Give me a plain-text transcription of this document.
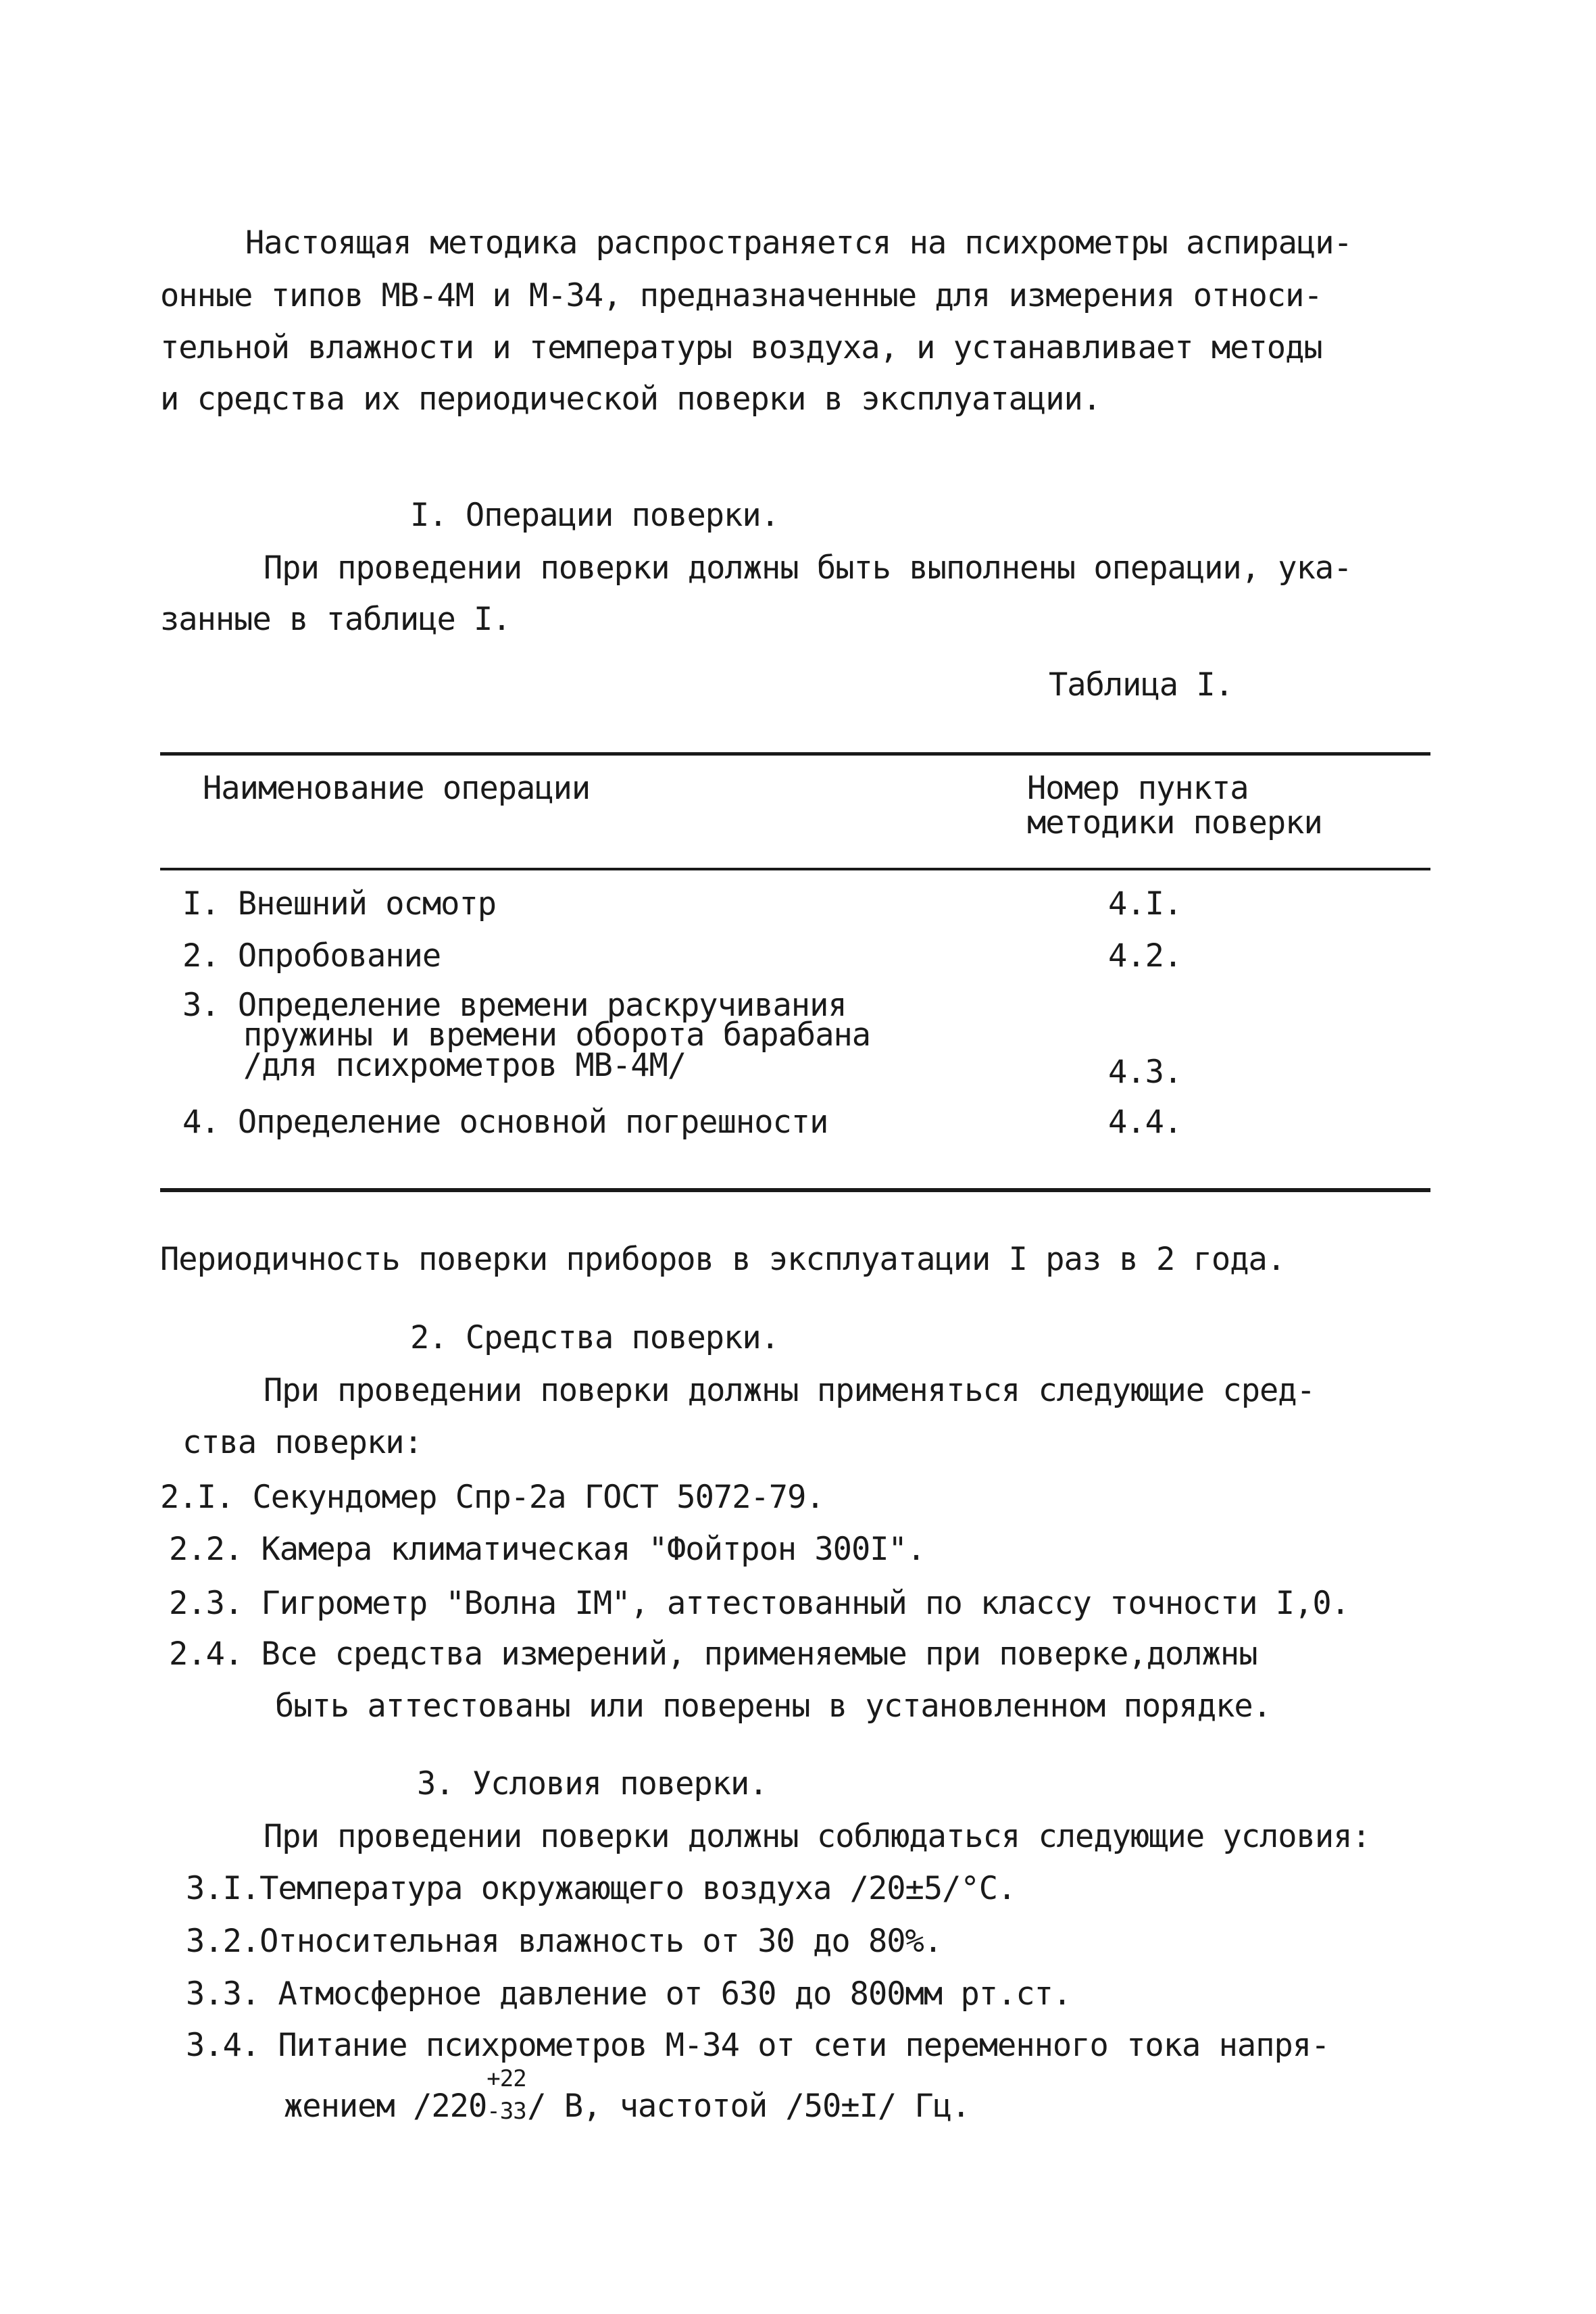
Настоящая методика распространяется на психрометры аспираци-
онные типов МВ-4М и М-34, предназначенные для измерения относи-
тельной влажности и температуры воздуха, и устанавливает методы
и средства их периодической поверки в эксплуатации.
I. Операции поверки.
При проведении поверки должны быть выполнены операции, ука-
занные в таблице I.
Таблица I.
Наименование операции	Номер пункта
методики поверки
I. Внешний осмотр	4.I.
2. Опробование	4.2.
3. Определение времени раскручивания
пружины и времени оборота барабана
/для психрометров МВ-4М/	4.3.
4. Определение основной погрешности	4.4.
Периодичность поверки приборов в эксплуатации I раз в 2 года.
2. Средства поверки.
При проведении поверки должны применяться следующие сред-
ства поверки:
2.I. Секундомер Спр-2а ГОСТ 5072-79.
2.2. Камера климатическая "Фойтрон 300I".
2.3. Гигрометр "Волна IМ", аттестованный по классу точности I,0.
2.4. Все средства измерений, применяемые при поверке,должны
быть аттестованы или поверены в установленном порядке.
3. Условия поверки.
При проведении поверки должны соблюдаться следующие условия:
3.I.Температура окружающего воздуха /20±5/°С.
3.2.Относительная влажность от 30 до 80%.
3.3. Атмосферное давление от 630 до 800мм рт.ст.
3.4. Питание психрометров М-34 от сети переменного тока напря-
жением /220
+22
-33 / В, частотой /50±I/ Гц.
